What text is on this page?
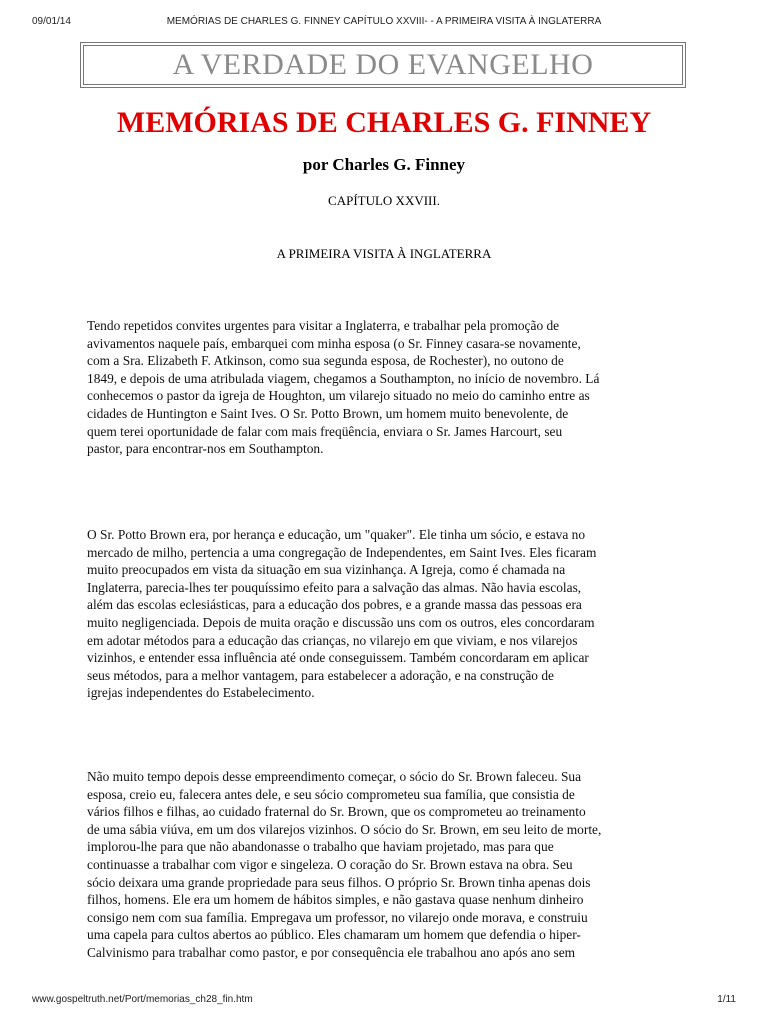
09/01/14	MEMÓRIAS DE CHARLES G. FINNEY CAPÍTULO XXVIII- - A PRIMEIRA VISITA À INGLATERRA
A VERDADE DO EVANGELHO
MEMÓRIAS DE CHARLES G. FINNEY
por Charles G. Finney
CAPÍTULO XXVIII.
A PRIMEIRA VISITA À INGLATERRA
Tendo repetidos convites urgentes para visitar a Inglaterra, e trabalhar pela promoção de
avivamentos naquele país, embarquei com minha esposa (o Sr. Finney casara-se novamente,
com a Sra. Elizabeth F. Atkinson, como sua segunda esposa, de Rochester), no outono de
1849, e depois de uma atribulada viagem, chegamos a Southampton, no início de novembro. Lá
conhecemos o pastor da igreja de Houghton, um vilarejo situado no meio do caminho entre as
cidades de Huntington e Saint Ives. O Sr. Potto Brown, um homem muito benevolente, de
quem terei oportunidade de falar com mais freqüência, enviara o Sr. James Harcourt, seu
pastor, para encontrar-nos em Southampton.
O Sr. Potto Brown era, por herança e educação, um "quaker". Ele tinha um sócio, e estava no
mercado de milho, pertencia a uma congregação de Independentes, em Saint Ives. Eles ficaram
muito preocupados em vista da situação em sua vizinhança. A Igreja, como é chamada na
Inglaterra, parecia-lhes ter pouquíssimo efeito para a salvação das almas. Não havia escolas,
além das escolas eclesiásticas, para a educação dos pobres, e a grande massa das pessoas era
muito negligenciada. Depois de muita oração e discussão uns com os outros, eles concordaram
em adotar métodos para a educação das crianças, no vilarejo em que viviam, e nos vilarejos
vizinhos, e entender essa influência até onde conseguissem. Também concordaram em aplicar
seus métodos, para a melhor vantagem, para estabelecer a adoração, e na construção de
igrejas independentes do Estabelecimento.
Não muito tempo depois desse empreendimento começar, o sócio do Sr. Brown faleceu. Sua
esposa, creio eu, falecera antes dele, e seu sócio comprometeu sua família, que consistia de
vários filhos e filhas, ao cuidado fraternal do Sr. Brown, que os comprometeu ao treinamento
de uma sábia viúva, em um dos vilarejos vizinhos. O sócio do Sr. Brown, em seu leito de morte,
implorou-lhe para que não abandonasse o trabalho que haviam projetado, mas para que
continuasse a trabalhar com vigor e singeleza. O coração do Sr. Brown estava na obra. Seu
sócio deixara uma grande propriedade para seus filhos. O próprio Sr. Brown tinha apenas dois
filhos, homens. Ele era um homem de hábitos simples, e não gastava quase nenhum dinheiro
consigo nem com sua família. Empregava um professor, no vilarejo onde morava, e construiu
uma capela para cultos abertos ao público. Eles chamaram um homem que defendia o hiper-
Calvinismo para trabalhar como pastor, e por consequência ele trabalhou ano após ano sem
www.gospeltruth.net/Port/memorias_ch28_fin.htm	1/11
